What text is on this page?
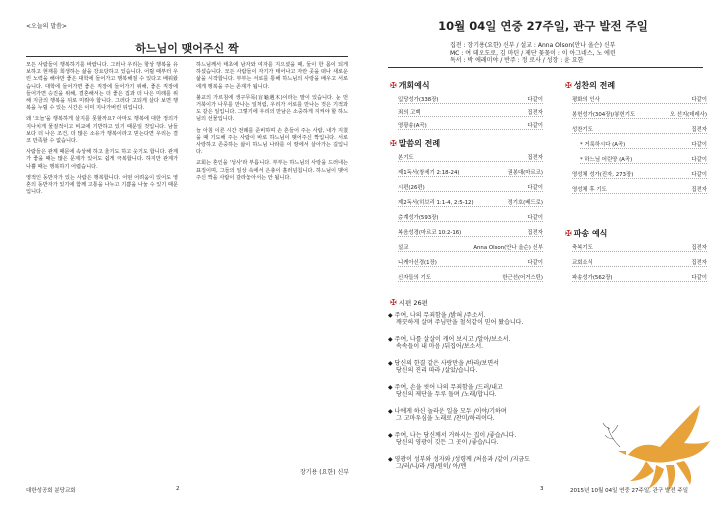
<오늘의 말씀>
하느님이 맺어주신 짝

모든 사람들이 행복하기를 바랍니다. 그러나 우리는 항상 행복을 유보하고 현재를 희생하는 삶을 강요당하고 있습니다. 어릴 때부터 우린 노력을 해야만 좋은 대학에 들어가고 행복해질 수 있다고 배워왔습니다. 대학에 들어가면 좋은 직장에 들어가기 위해, 좋은 직장에 들어가면 승진을 위해, 결혼해서는 더 좋은 집과 더 나은 미래를 위해 지금의 행복을 뒤로 미뤄야 합니다. 그러다 고되게 살다 보면 행복을 누릴 수 있는 시간은 이미 지나가버린 뒤입니다.

왜 '오늘'을 행복하게 살지를 못할까요? 아마도 행복에 대한 정의가 지나치게 물질적이고 비교에 기반하고 있기 때문일 것입니다. 남들보다 더 나은 조건, 더 많은 소유가 행복이라고 믿는다면 우리는 결코 만족할 수 없습니다.

사람들은 관계 때문에 속상해 하고 울기도 하고 웃기도 합니다. 관계가 좋을 때는 많은 문제가 있어도 쉽게 극복합니다. 하지만 관계가 나쁠 때는 행복하기 어렵습니다.

영적인 동반자가 있는 사람은 행복합니다. 어떤 어려움이 있어도 영혼의 동반자가 있기에 함께 고통을 나누고 기쁨을 나눌 수 있기 때문입니다.

하느님께서 태초에 남자와 여자를 지으셨을 때, 둘이 한 몸이 되게 하셨습니다. 모든 사람들이 자기가 태어나고 자란 곳을 떠나 새로운 삶을 시작합니다. 부부는 서로를 통해 하느님의 사랑을 배우고 서로에게 행복을 주는 존재가 됩니다.

불교의 가르침에 생구무목(盲龜遇木)이라는 말이 있습니다. 눈 먼 거북이가 나무를 만나는 일처럼, 우리가 서로를 만나는 것은 기적과도 같은 일입니다. 그렇기에 우리의 만남은 소중하게 지켜야 할 하느님의 선물입니다.

늘 아침 이른 시간 전례를 준비하며 손 흔들어 주는 사람, 내가 지쳤을 때 기도해 주는 사람이 바로 하느님이 맺어주신 짝입니다. 서로 사랑하고 존중하는 삶이 하느님 나라를 이 땅에서 살아가는 길입니다.

교회는 혼인을 '성사'라 부릅니다. 부부는 하느님의 사랑을 드러내는 표징이며, 그들의 일상 속에서 은총이 흘러넘칩니다. 하느님이 맺어주신 짝을 사람이 갈라놓아서는 안 됩니다.

장기용 (요한) 신부
대한성공회 분당교회	2
10월 04일 연중 27주일, 관구 발전 주일
집전 : 장기용(요한) 신부 / 설교 : Anna Olson(안나 올슨) 신부
MC : 여 데오도로, 김 마틴 / 제단 꽃꽂이 : 이 아그네스, 노 에린
독서 : 박 에레미야 / 반주 : 정 로사 / 성장 : 윤 요한
✠ 개회예식
입당성가(338장)	다같이
죄의 고백	집전자
영광송(A곡)	다같이
✠ 말씀의 전례
본기도	집전자
제1독서(창세기 2:18-24)	권봉대(마르코)
시편(26편)	다같이
제2독서(히브리 1:1-4, 2:5-12)	정기호(베드로)
층계성가(593장)	다같이
복음성경(마르코 10:2-16)	집전자
설교	Anna Olson(안나 올슨) 신부
니케아신경(1장)	다같이
신자들의 기도	한근선(어거스틴)
✠ 시편 26편
◆ 주여, 나의 무죄함을 /밝혀 /주소서.
깨끗하게 살며 주님만을 철석같이 믿어 왔습니다.
◆ 주여, 나를 살살이 캐어 보시고 /알아/보소서.
속속들이 내 마음 /뒤집어/보소서.
◆ 당신의 한결 같은 사랑만을 /바라/보면서
당신의 진리 따라 /살았/습니다.
◆ 주여, 손을 씻어 나의 무죄함을 /드러/내고
당신의 제단을 두루 돌며 /노래/합니다.
◆ 나에게 하신 놀라운 일을 모두 /이야/기하며
그 고마우심을 노래로 /찬미/하리이다.
◆ 주여, 나는 당신께서 거하시는 집이 /좋습/니다.
당신의 영광이 깃든 그 곳이 /좋습/니다.
◆ 영광이 성부와 성자와 /성령께 /처음과 /같이 /지금도
그/러/니/라 /영/원히/ 아/멘
✠ 성찬의 전례
평화의 인사	다같이
봉헌성가(304장)/봉헌기도	오 선지(데레사)
성찬기도	집전자
* 거룩하시다 (A곡)	다같이
* 하느님 어린양 (A곡)	다같이
영성체 성가(진자, 273장)	다같이
영성체 후 기도	집전자
✠ 파송 예식
축복기도	집전자
교회소식	집전자
파송성가(562장)	다같이
3	2015년 10월 04일 연중 27주일, 관구 발전 주일
